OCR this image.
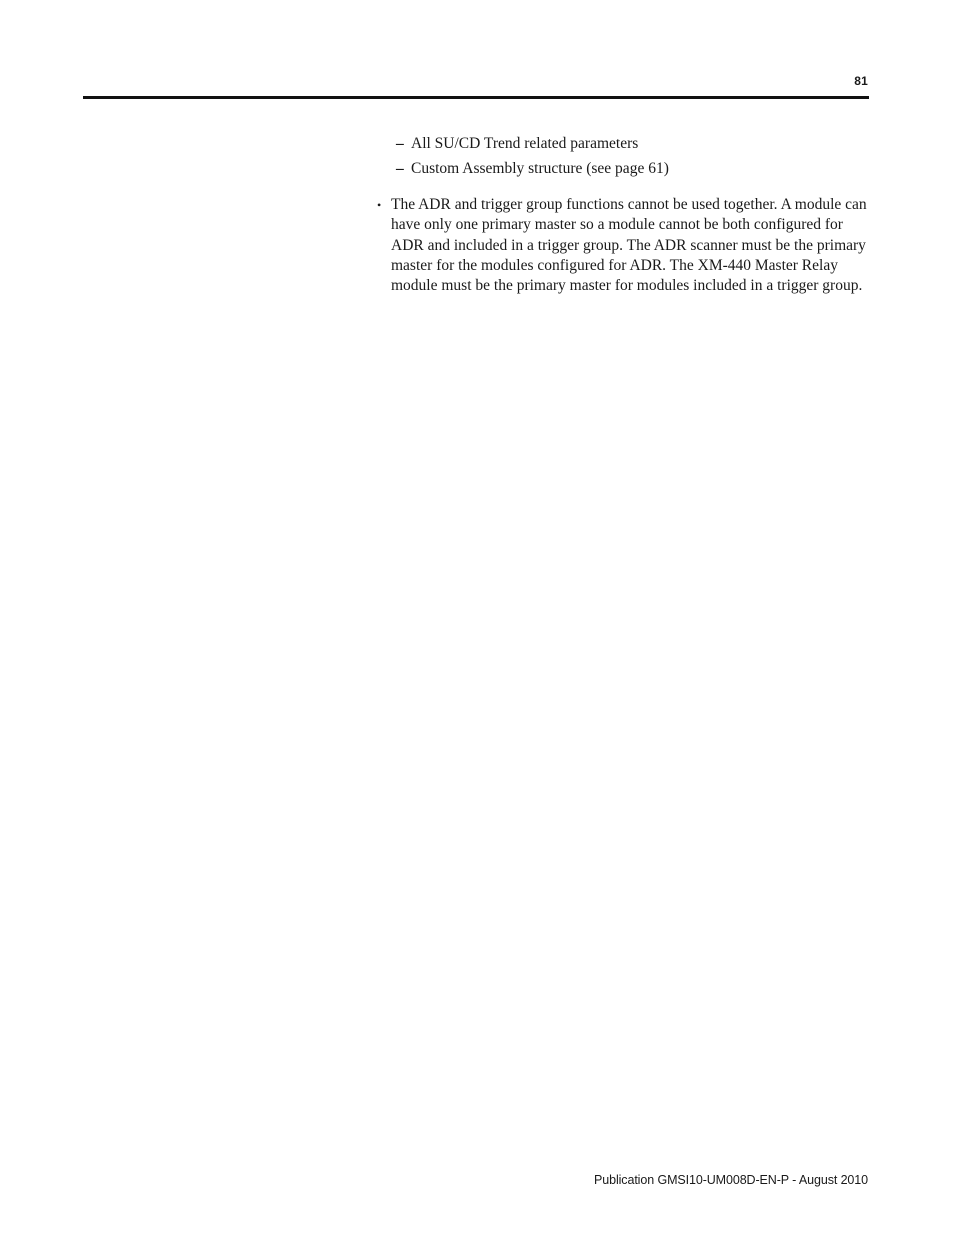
81
– All SU/CD Trend related parameters
– Custom Assembly structure (see page 61)
• The ADR and trigger group functions cannot be used together. A module can have only one primary master so a module cannot be both configured for ADR and included in a trigger group. The ADR scanner must be the primary master for the modules configured for ADR. The XM-440 Master Relay module must be the primary master for modules included in a trigger group.
Publication GMSI10-UM008D-EN-P - August 2010
